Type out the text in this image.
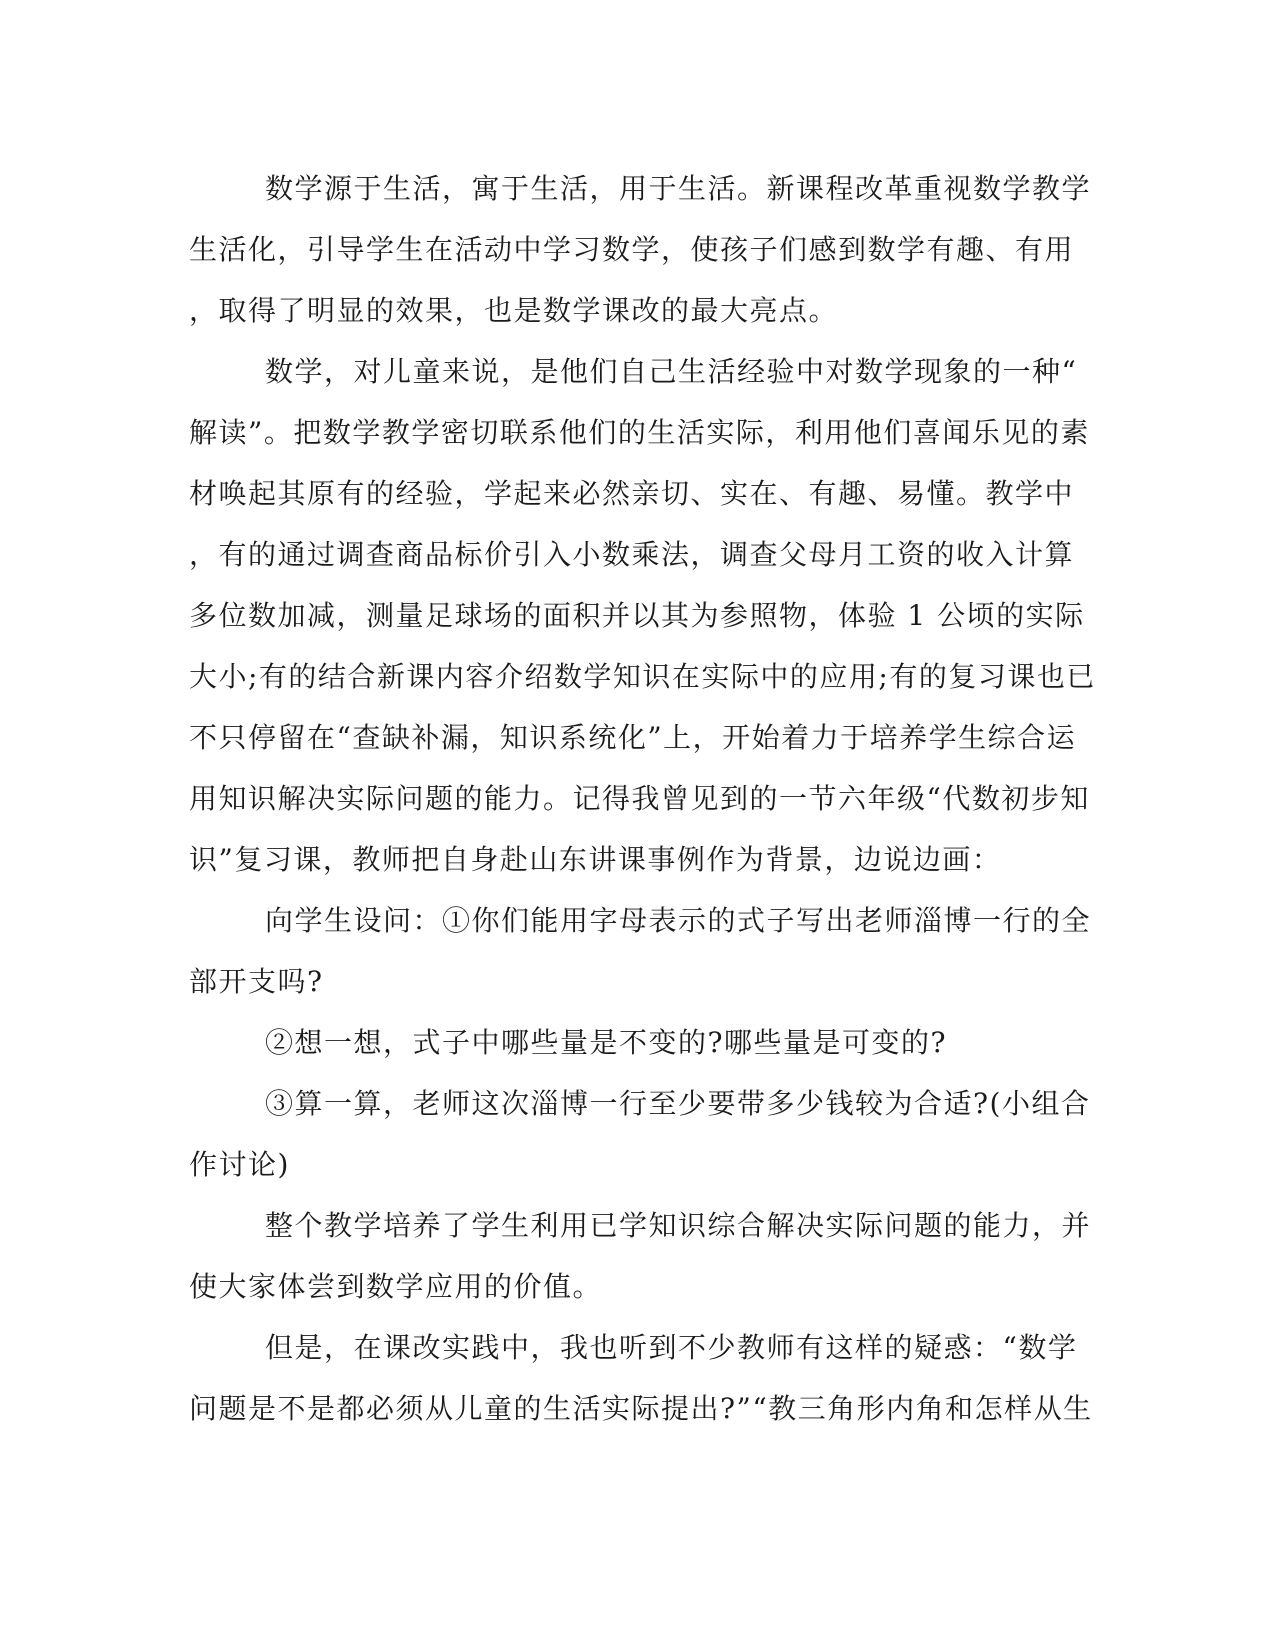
数学源于生活，寓于生活，用于生活。新课程改革重视数学教学
生活化，引导学生在活动中学习数学，使孩子们感到数学有趣、有用
，取得了明显的效果，也是数学课改的最大亮点。
数学，对儿童来说，是他们自己生活经验中对数学现象的一种“
解读”。把数学教学密切联系他们的生活实际，利用他们喜闻乐见的素
材唤起其原有的经验，学起来必然亲切、实在、有趣、易懂。教学中
，有的通过调查商品标价引入小数乘法，调查父母月工资的收入计算
多位数加减，测量足球场的面积并以其为参照物，体验 1 公顷的实际
大小;有的结合新课内容介绍数学知识在实际中的应用;有的复习课也已
不只停留在“查缺补漏，知识系统化”上，开始着力于培养学生综合运
用知识解决实际问题的能力。记得我曾见到的一节六年级“代数初步知
识”复习课，教师把自身赴山东讲课事例作为背景，边说边画：
向学生设问：①你们能用字母表示的式子写出老师淄博一行的全
部开支吗?
②想一想，式子中哪些量是不变的?哪些量是可变的?
③算一算，老师这次淄博一行至少要带多少钱较为合适?(小组合
作讨论)
整个教学培养了学生利用已学知识综合解决实际问题的能力，并
使大家体尝到数学应用的价值。
但是，在课改实践中，我也听到不少教师有这样的疑惑：“数学
问题是不是都必须从儿童的生活实际提出?”“教三角形内角和怎样从生
